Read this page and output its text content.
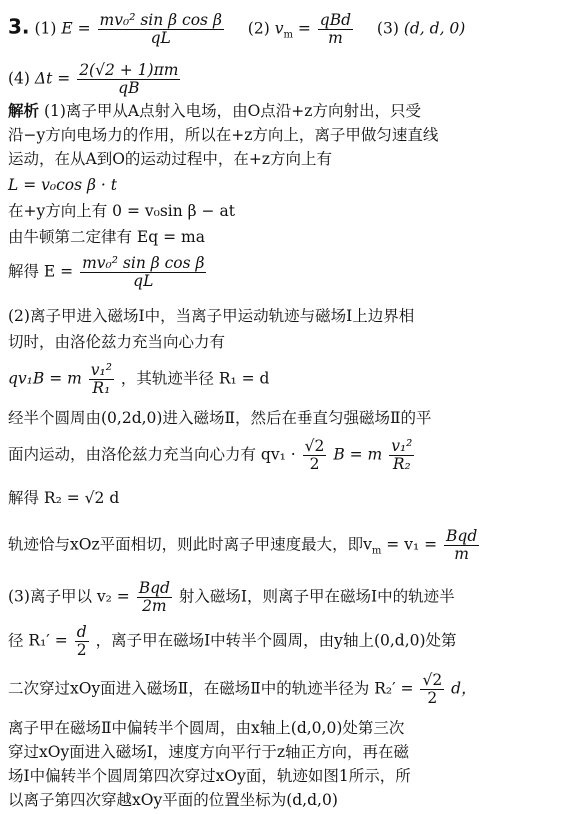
3. (1) $E = \frac{\text{mv₀² sin β cos β}}{qL} (2) v_m = \frac{\text{qBd}}{m} (3)$ (d, d, 0)
(4) $\Delta t = \frac{2(√2 + 1)\pi m}{qB}$
解析 (1)离子甲从A点射入电场，由O点沿+z方向射出，只受
沿−y方向电场力的作用，所以在+z方向上，离子甲做匀速直线
运动，在从A到O的运动过程中，在+z方向上有
L = v₀cos β · t
在+y方向上有 0 = v₀sin β − at
由牛顿第二定律有 Eq = ma
解得 $E = \frac{\text{mv₀² sin β cos β}}{qL}$
(2)离子甲进入磁场Ⅰ中，当离子甲运动轨迹与磁场Ⅰ上边界相
切时，由洛伦兹力充当向心力有
qv₁B = m $\frac{\text{v₁²}}{\text{R₁}}$ ，其轨迹半径 R₁ = d
经半个圆周由(0,2d,0)进入磁场Ⅱ，然后在垂直匀强磁场Ⅱ的平
面内运动，由洛伦兹力充当向心力有 $qv_1 \cdot \frac{√2}{2}$ B = m $\frac{\text{v₁²}}{\text{R₂}}$
解得 R₂ = √2 d
轨迹恰与xOz平面相切，则此时离子甲速度最大，即$v_m = v_1 = \frac{\text{Bqd}}{m}$
(3)离子甲以 $v_2 = \frac{\text{Bqd}}{2m}$ 射入磁场Ⅰ，则离子甲在磁场Ⅰ中的轨迹半
径 $R_1' = \frac{d}{2}$ ，离子甲在磁场Ⅰ中转半个圆周，由y轴上(0,d,0)处第
二次穿过xOy面进入磁场Ⅱ，在磁场Ⅱ中的轨迹半径为 $R_2' = \frac{√2}{2}$ d，
离子甲在磁场Ⅱ中偏转半个圆周，由x轴上(d,0,0)处第三次
穿过xOy面进入磁场Ⅰ，速度方向平行于z轴正方向，再在磁
场Ⅰ中偏转半个圆周第四次穿过xOy面，轨迹如图1所示，所
以离子第四次穿越xOy平面的位置坐标为(d,d,0)
